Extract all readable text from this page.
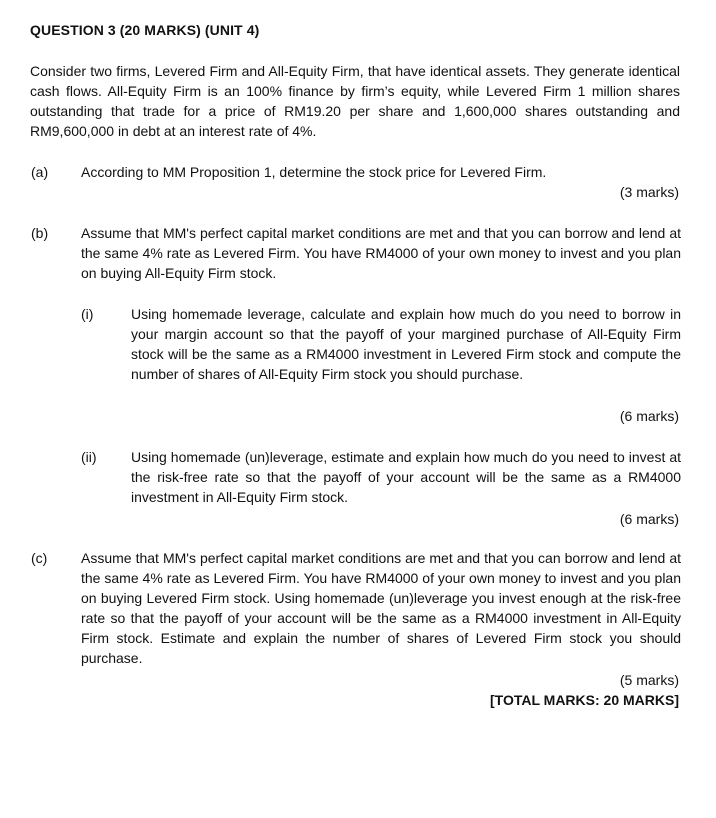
QUESTION 3 (20 MARKS) (UNIT 4)
Consider two firms, Levered Firm and All-Equity Firm, that have identical assets. They generate identical cash flows. All-Equity Firm is an 100% finance by firm’s equity, while Levered Firm 1 million shares outstanding that trade for a price of RM19.20 per share and 1,600,000 shares outstanding and RM9,600,000 in debt at an interest rate of 4%.
(a) According to MM Proposition 1, determine the stock price for Levered Firm.
(3 marks)
(b) Assume that MM's perfect capital market conditions are met and that you can borrow and lend at the same 4% rate as Levered Firm. You have RM4000 of your own money to invest and you plan on buying All-Equity Firm stock.
(i)	Using homemade leverage, calculate and explain how much do you need to borrow in your margin account so that the payoff of your margined purchase of All-Equity Firm stock will be the same as a RM4000 investment in Levered Firm stock and compute the number of shares of All-Equity Firm stock you should purchase.
(6 marks)
(ii) Using homemade (un)leverage, estimate and explain how much do you need to invest at the risk-free rate so that the payoff of your account will be the same as a RM4000 investment in All-Equity Firm stock.
(6 marks)
(c) Assume that MM's perfect capital market conditions are met and that you can borrow and lend at the same 4% rate as Levered Firm. You have RM4000 of your own money to invest and you plan on buying Levered Firm stock. Using homemade (un)leverage you invest enough at the risk-free rate so that the payoff of your account will be the same as a RM4000 investment in All-Equity Firm stock. Estimate and explain the number of shares of Levered Firm stock you should purchase.
(5 marks)
[TOTAL MARKS: 20 MARKS]
